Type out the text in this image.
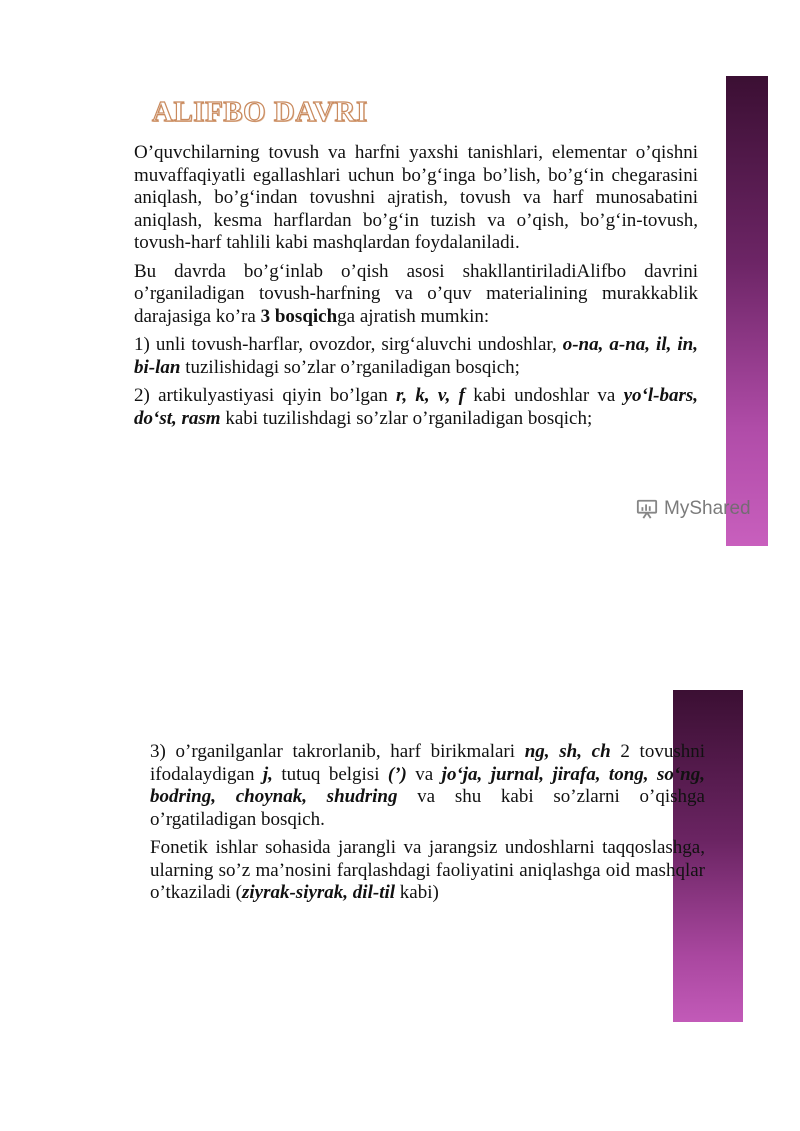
ALIFBO DAVRI

O’quvchilarning tovush va harfni yaxshi tanishlari, elementar o’qishni muvaffaqiyatli egallashlari uchun bo’g‘inga bo’lish, bo’g‘in chegarasini aniqlash, bo’g‘indan tovushni ajratish, tovush va harf munosabatini aniqlash, kesma harflardan bo’g‘in tuzish va o’qish, bo’g‘in-tovush, tovush-harf tahlili kabi mashqlardan foydalaniladi.

Bu davrda bo’g‘inlab o’qish asosi shakllantiriladiAlifbo davrini o’rganiladigan tovush-harfning va o’quv materialining murakkablik darajasiga ko’ra 3 bosqichga ajratish mumkin:

1) unli tovush-harflar, ovozdor, sirg‘aluvchi undoshlar, o-na, a-na, il, in, bi-lan tuzilishidagi so’zlar o’rganiladigan bosqich;

2) artikulyastiyasi qiyin bo’lgan r, k, v, f kabi undoshlar va yo‘l-bars, do‘st, rasm kabi tuzilishdagi so’zlar o’rganiladigan bosqich;

MyShared

3) o’rganilganlar takrorlanib, harf birikmalari ng, sh, ch 2 tovushni ifodalaydigan j, tutuq belgisi (’) va jo‘ja, jurnal, jirafa, tong, so‘ng, bodring, choynak, shudring va shu kabi so’zlarni o’qishga o’rgatiladigan bosqich.

Fonetik ishlar sohasida jarangli va jarangsiz undoshlarni taqqoslashga, ularning so’z ma’nosini farqlashdagi faoliyatini aniqlashga oid mashqlar o’tkaziladi (ziyrak-siyrak, dil-til kabi)
